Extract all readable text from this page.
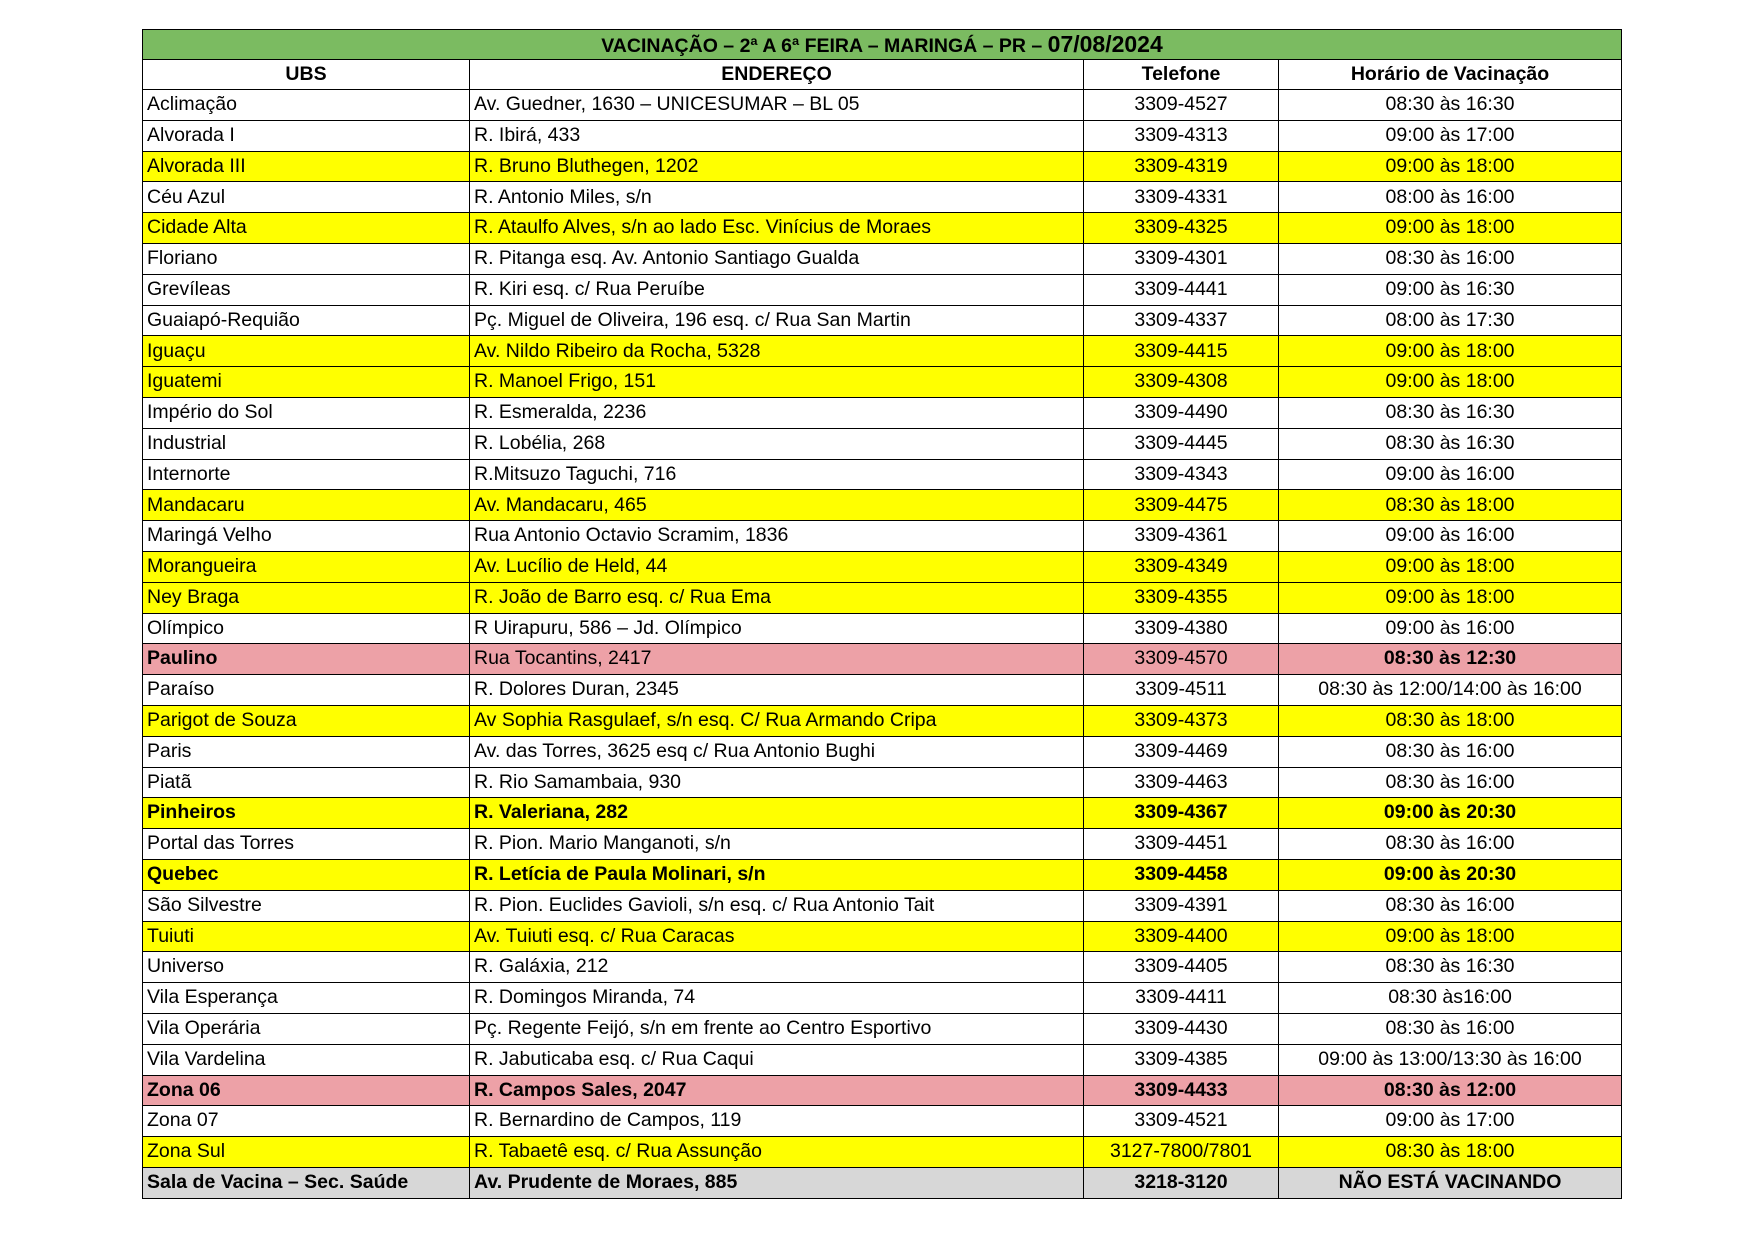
VACINAÇÃO – 2ª A 6ª FEIRA – MARINGÁ – PR – 07/08/2024			
UBS	ENDEREÇO	Telefone	Horário de Vacinação
Aclimação	Av. Guedner, 1630 – UNICESUMAR – BL 05	3309-4527	08:30 às 16:30
Alvorada I	R. Ibirá, 433	3309-4313	09:00 às 17:00
Alvorada III	R. Bruno Bluthegen, 1202	3309-4319	09:00 às 18:00
Céu Azul	R. Antonio Miles, s/n	3309-4331	08:00 às 16:00
Cidade Alta	R. Ataulfo Alves, s/n ao lado Esc. Vinícius de Moraes	3309-4325	09:00 às 18:00
Floriano	R. Pitanga esq. Av. Antonio Santiago Gualda	3309-4301	08:30 às 16:00
Grevíleas	R. Kiri esq. c/ Rua Peruíbe	3309-4441	09:00 às 16:30
Guaiapó-Requião	Pç. Miguel de Oliveira, 196 esq. c/ Rua San Martin	3309-4337	08:00 às 17:30
Iguaçu	Av. Nildo Ribeiro da Rocha, 5328	3309-4415	09:00 às 18:00
Iguatemi	R. Manoel Frigo, 151	3309-4308	09:00 às 18:00
Império do Sol	R. Esmeralda, 2236	3309-4490	08:30 às 16:30
Industrial	R. Lobélia, 268	3309-4445	08:30 às 16:30
Internorte	R.Mitsuzo Taguchi, 716	3309-4343	09:00 às 16:00
Mandacaru	Av. Mandacaru, 465	3309-4475	08:30 às 18:00
Maringá Velho	Rua Antonio Octavio Scramim, 1836	3309-4361	09:00 às 16:00
Morangueira	Av. Lucílio de Held, 44	3309-4349	09:00 às 18:00
Ney Braga	R. João de Barro esq. c/ Rua Ema	3309-4355	09:00 às 18:00
Olímpico	R Uirapuru, 586 – Jd. Olímpico	3309-4380	09:00 às 16:00
Paulino	Rua Tocantins, 2417	3309-4570	08:30 às 12:30
Paraíso	R. Dolores Duran, 2345	3309-4511	08:30 às 12:00/14:00 às 16:00
Parigot de Souza	Av Sophia Rasgulaef, s/n esq. C/ Rua Armando Cripa	3309-4373	08:30 às 18:00
Paris	Av. das Torres, 3625 esq c/ Rua Antonio Bughi	3309-4469	08:30 às 16:00
Piatã	R. Rio Samambaia, 930	3309-4463	08:30 às 16:00
Pinheiros	R. Valeriana, 282	3309-4367	09:00 às 20:30
Portal das Torres	R. Pion. Mario Manganoti, s/n	3309-4451	08:30 às 16:00
Quebec	R. Letícia de Paula Molinari, s/n	3309-4458	09:00 às 20:30
São Silvestre	R. Pion. Euclides Gavioli, s/n esq. c/ Rua Antonio Tait	3309-4391	08:30 às 16:00
Tuiuti	Av. Tuiuti esq. c/ Rua Caracas	3309-4400	09:00 às 18:00
Universo	R. Galáxia, 212	3309-4405	08:30 às 16:30
Vila Esperança	R. Domingos Miranda, 74	3309-4411	08:30 às16:00
Vila Operária	Pç. Regente Feijó, s/n em frente ao Centro Esportivo	3309-4430	08:30 às 16:00
Vila Vardelina	R. Jabuticaba esq. c/ Rua Caqui	3309-4385	09:00 às 13:00/13:30 às 16:00
Zona 06	R. Campos Sales, 2047	3309-4433	08:30 às 12:00
Zona 07	R. Bernardino de Campos, 119	3309-4521	09:00 às 17:00
Zona Sul	R. Tabaetê esq. c/ Rua Assunção	3127-7800/7801	08:30 às 18:00
Sala de Vacina – Sec. Saúde	Av. Prudente de Moraes, 885	3218-3120	NÃO ESTÁ VACINANDO
